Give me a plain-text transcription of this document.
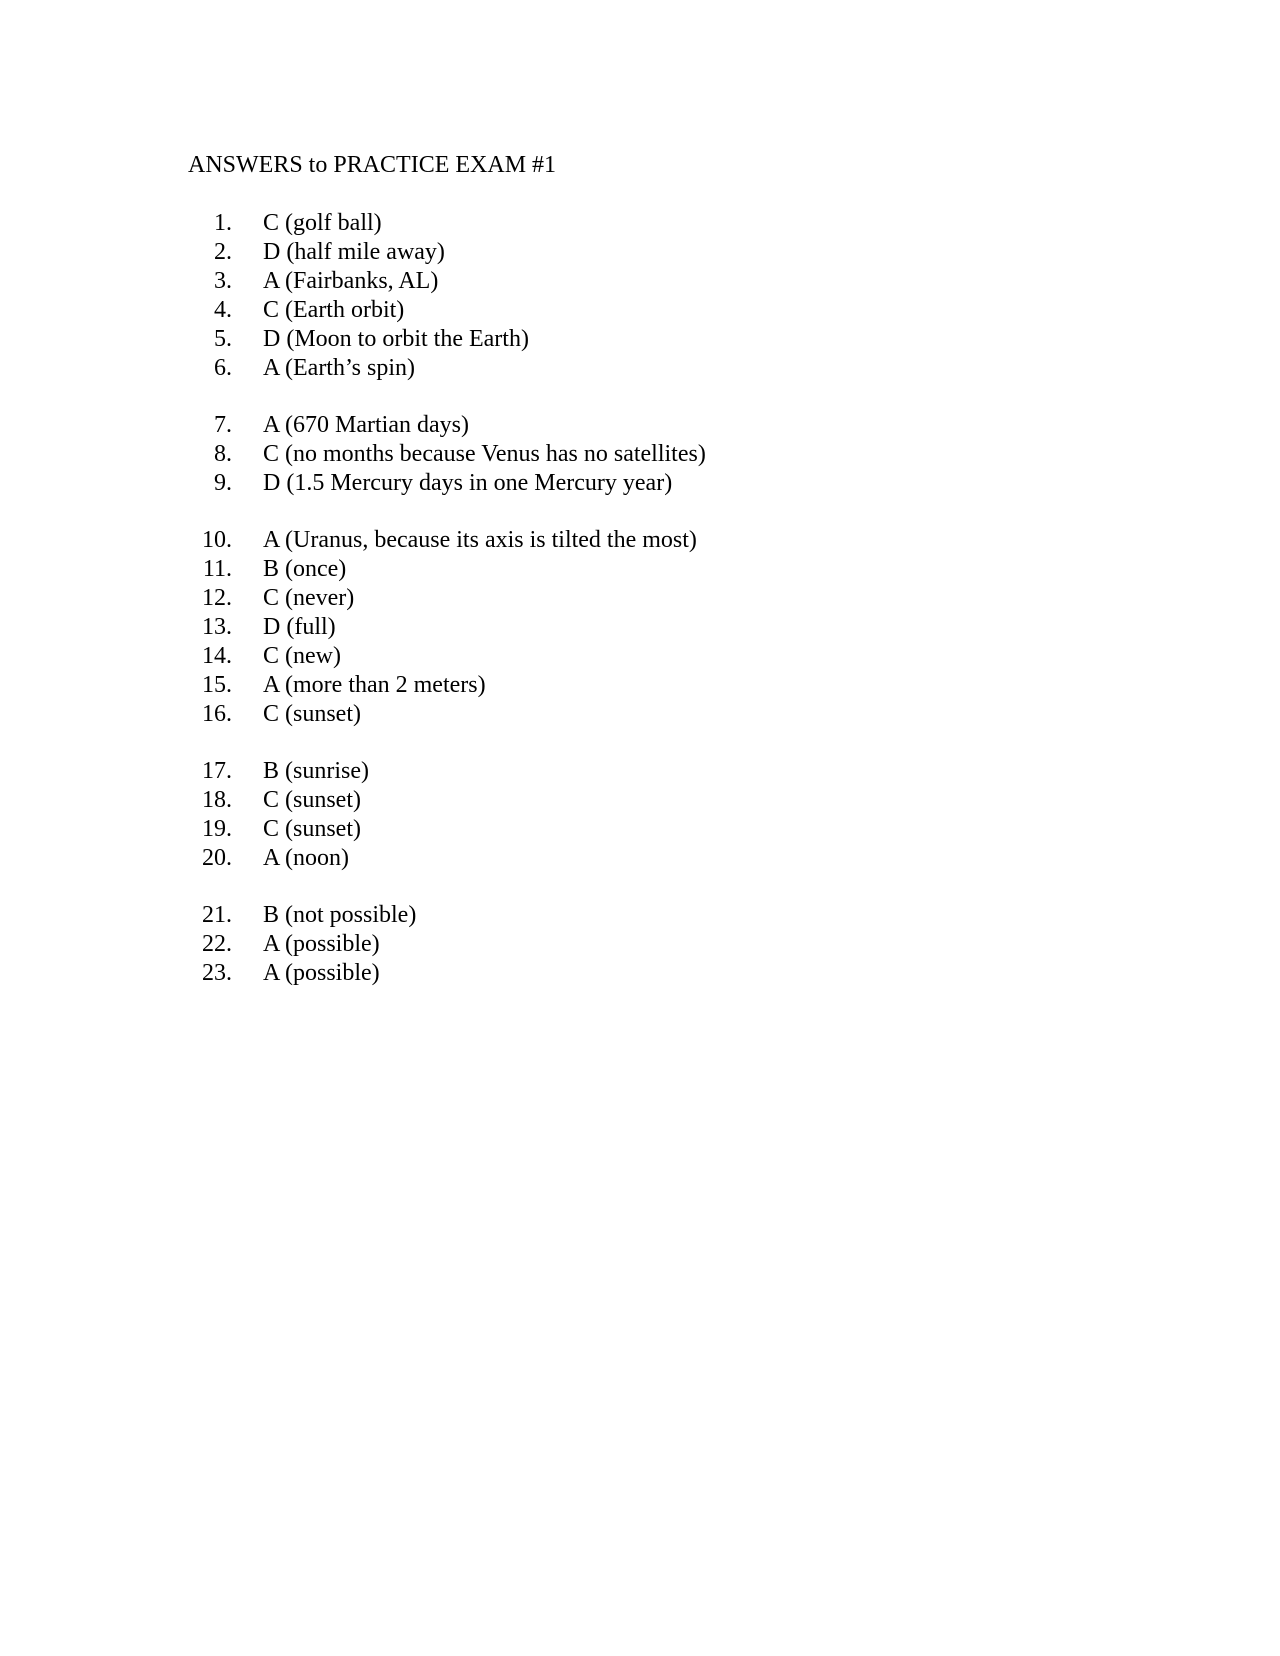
ANSWERS to PRACTICE EXAM #1
1. C (golf ball)
2. D (half mile away)
3. A (Fairbanks, AL)
4. C (Earth orbit)
5. D (Moon to orbit the Earth)
6. A (Earth’s spin)
7. A (670 Martian days)
8. C (no months because Venus has no satellites)
9. D (1.5 Mercury days in one Mercury year)
10. A (Uranus, because its axis is tilted the most)
11. B (once)
12. C (never)
13. D (full)
14. C (new)
15. A (more than 2 meters)
16. C (sunset)
17. B (sunrise)
18. C (sunset)
19. C (sunset)
20. A (noon)
21. B (not possible)
22. A (possible)
23. A (possible)
